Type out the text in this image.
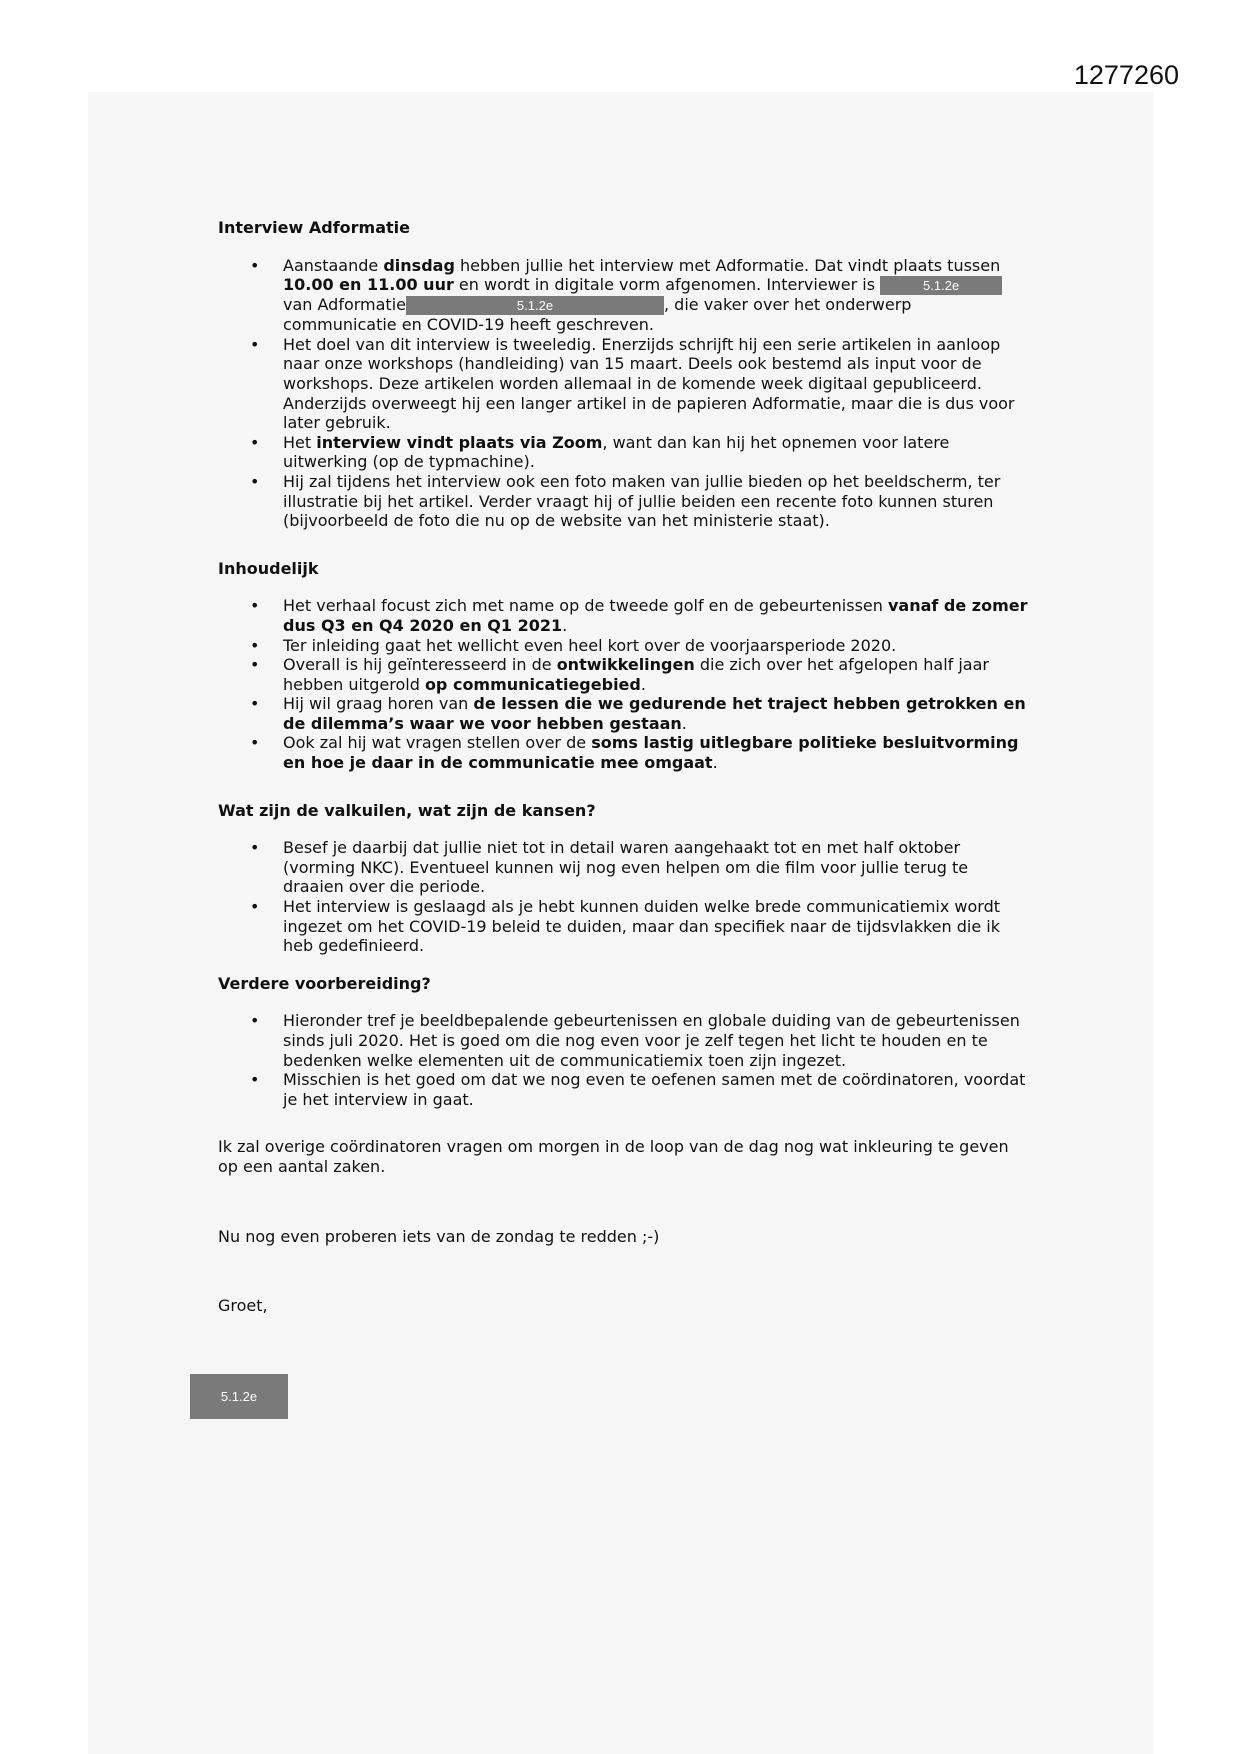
1277260
Interview Adformatie
• Aanstaande dinsdag hebben jullie het interview met Adformatie. Dat vindt plaats tussen 10.00 en 11.00 uur en wordt in digitale vorm afgenomen. Interviewer is	5.1.2e van Adformatie	5.1.2e	, die vaker over het onderwerp communicatie en COVID-19 heeft geschreven.
• Het doel van dit interview is tweeledig. Enerzijds schrijft hij een serie artikelen in aanloop naar onze workshops (handleiding) van 15 maart. Deels ook bestemd als input voor de workshops. Deze artikelen worden allemaal in de komende week digitaal gepubliceerd. Anderzijds overweegt hij een langer artikel in de papieren Adformatie, maar die is dus voor later gebruik.
• Het interview vindt plaats via Zoom, want dan kan hij het opnemen voor latere uitwerking (op de typmachine).
• Hij zal tijdens het interview ook een foto maken van jullie bieden op het beeldscherm, ter illustratie bij het artikel. Verder vraagt hij of jullie beiden een recente foto kunnen sturen (bijvoorbeeld de foto die nu op de website van het ministerie staat).
Inhoudelijk
• Het verhaal focust zich met name op de tweede golf en de gebeurtenissen vanaf de zomer dus Q3 en Q4 2020 en Q1 2021.
• Ter inleiding gaat het wellicht even heel kort over de voorjaarsperiode 2020.
• Overall is hij geïnteresseerd in de ontwikkelingen die zich over het afgelopen half jaar hebben uitgerold op communicatiegebied.
• Hij wil graag horen van de lessen die we gedurende het traject hebben getrokken en de dilemma’s waar we voor hebben gestaan.
• Ook zal hij wat vragen stellen over de soms lastig uitlegbare politieke besluitvorming en hoe je daar in de communicatie mee omgaat.
Wat zijn de valkuilen, wat zijn de kansen?
• Besef je daarbij dat jullie niet tot in detail waren aangehaakt tot en met half oktober (vorming NKC). Eventueel kunnen wij nog even helpen om die film voor jullie terug te draaien over die periode.
• Het interview is geslaagd als je hebt kunnen duiden welke brede communicatiemix wordt ingezet om het COVID-19 beleid te duiden, maar dan specifiek naar de tijdsvlakken die ik heb gedefinieerd.
Verdere voorbereiding?
• Hieronder tref je beeldbepalende gebeurtenissen en globale duiding van de gebeurtenissen sinds juli 2020. Het is goed om die nog even voor je zelf tegen het licht te houden en te bedenken welke elementen uit de communicatiemix toen zijn ingezet.
• Misschien is het goed om dat we nog even te oefenen samen met de coördinatoren, voordat je het interview in gaat.

Ik zal overige coördinatoren vragen om morgen in de loop van de dag nog wat inkleuring te geven op een aantal zaken.

Nu nog even proberen iets van de zondag te redden ;-)

Groet,

5.1.2e
